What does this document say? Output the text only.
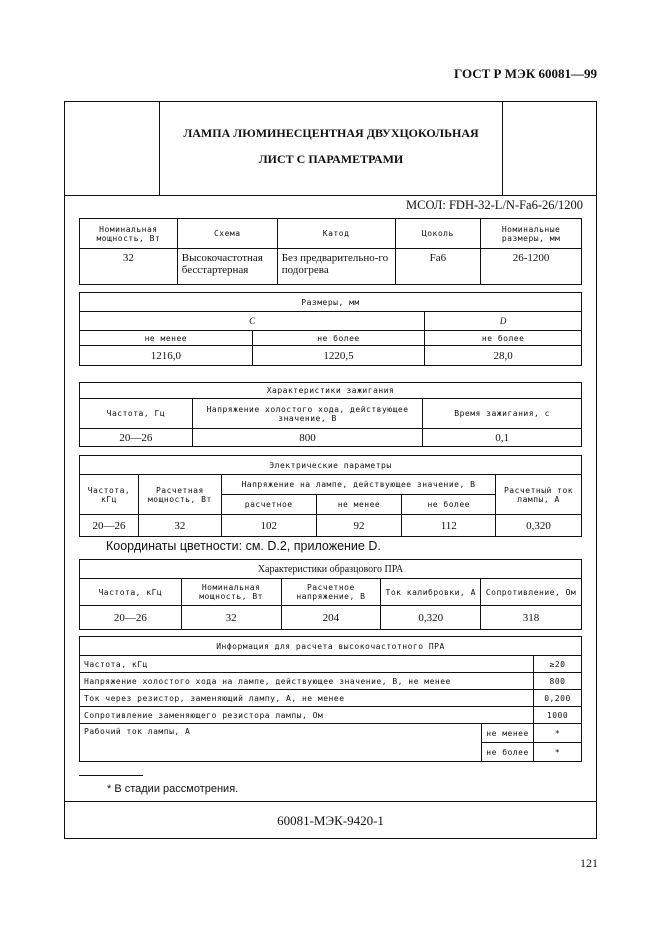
ГОСТ Р МЭК 60081—99
ЛАМПА ЛЮМИНЕСЦЕНТНАЯ ДВУХЦОКОЛЬНАЯ
ЛИСТ С ПАРАМЕТРАМИ
60081-МЭК-9420-1
МСОЛ: FDH-32-L/N-Fa6-26/1200
Номинальная мощность, Вт	Схема	Катод	Цоколь	Номинальные размеры, мм
32	Высокочастотная бесстартерная	Без предварительно-го подогрева	Fa6	26-1200
Размеры, мм		
C		D
не менее	не более	не более
1216,0	1220,5	28,0
Характеристики зажигания		
Частота, Гц	Напряжение холостого хода, действующее значение, В	Время зажигания, с
20—26	800	0,1
Электрические параметры					
Частота, кГц	Расчетная мощность, Вт	Напряжение на лампе, действующее значение, В			Расчетный ток лампы, А
		расчетное	не менее	не более	
20—26	32	102	92	112	0,320
Координаты цветности: см. D.2, приложение D.
Характеристики образцового ПРА				
Частота, кГц	Номинальная мощность, Вт	Расчетное напряжение, В	Ток калибровки, А	Сопротивление, Ом
20—26	32	204	0,320	318
Информация для расчета высокочастотного ПРА		
Частота, кГц		≥20
Напряжение холостого хода на лампе, действующее значение, В, не менее		800
Ток через резистор, заменяющий лампу, А, не менее		0,200
Сопротивление заменяющего резистора лампы, Ом		1000
Рабочий ток лампы, А	не менее	*
	не более	*
* В стадии рассмотрения.
121
